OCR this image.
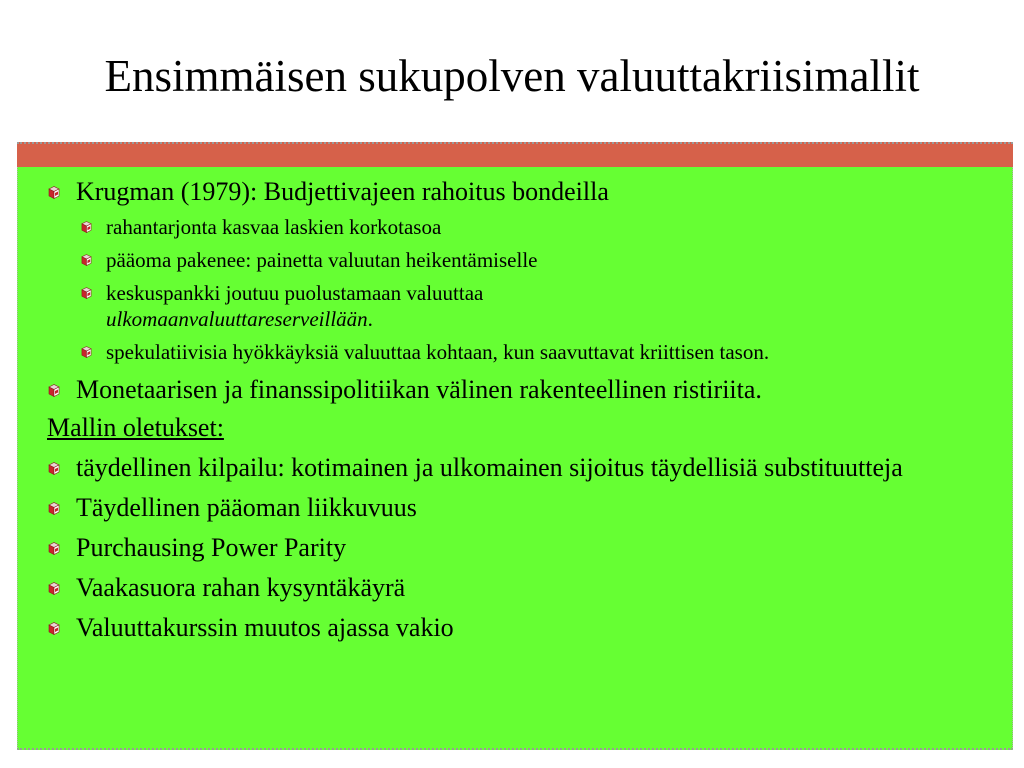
Ensimmäisen sukupolven valuuttakriisimallit
Krugman (1979): Budjettivajeen rahoitus bondeilla
rahantarjonta kasvaa laskien korkotasoa
pääoma pakenee: painetta valuutan heikentämiselle
keskuspankki joutuu puolustamaan valuuttaa
ulkomaanvaluuttareserveillään.
spekulatiivisia hyökkäyksiä valuuttaa kohtaan, kun saavuttavat kriittisen tason.
Monetaarisen ja finanssipolitiikan välinen rakenteellinen ristiriita.
Mallin oletukset:
täydellinen kilpailu: kotimainen ja ulkomainen sijoitus täydellisiä substituutteja
Täydellinen pääoman liikkuvuus
Purchausing Power Parity
Vaakasuora rahan kysyntäkäyrä
Valuuttakurssin muutos ajassa vakio
